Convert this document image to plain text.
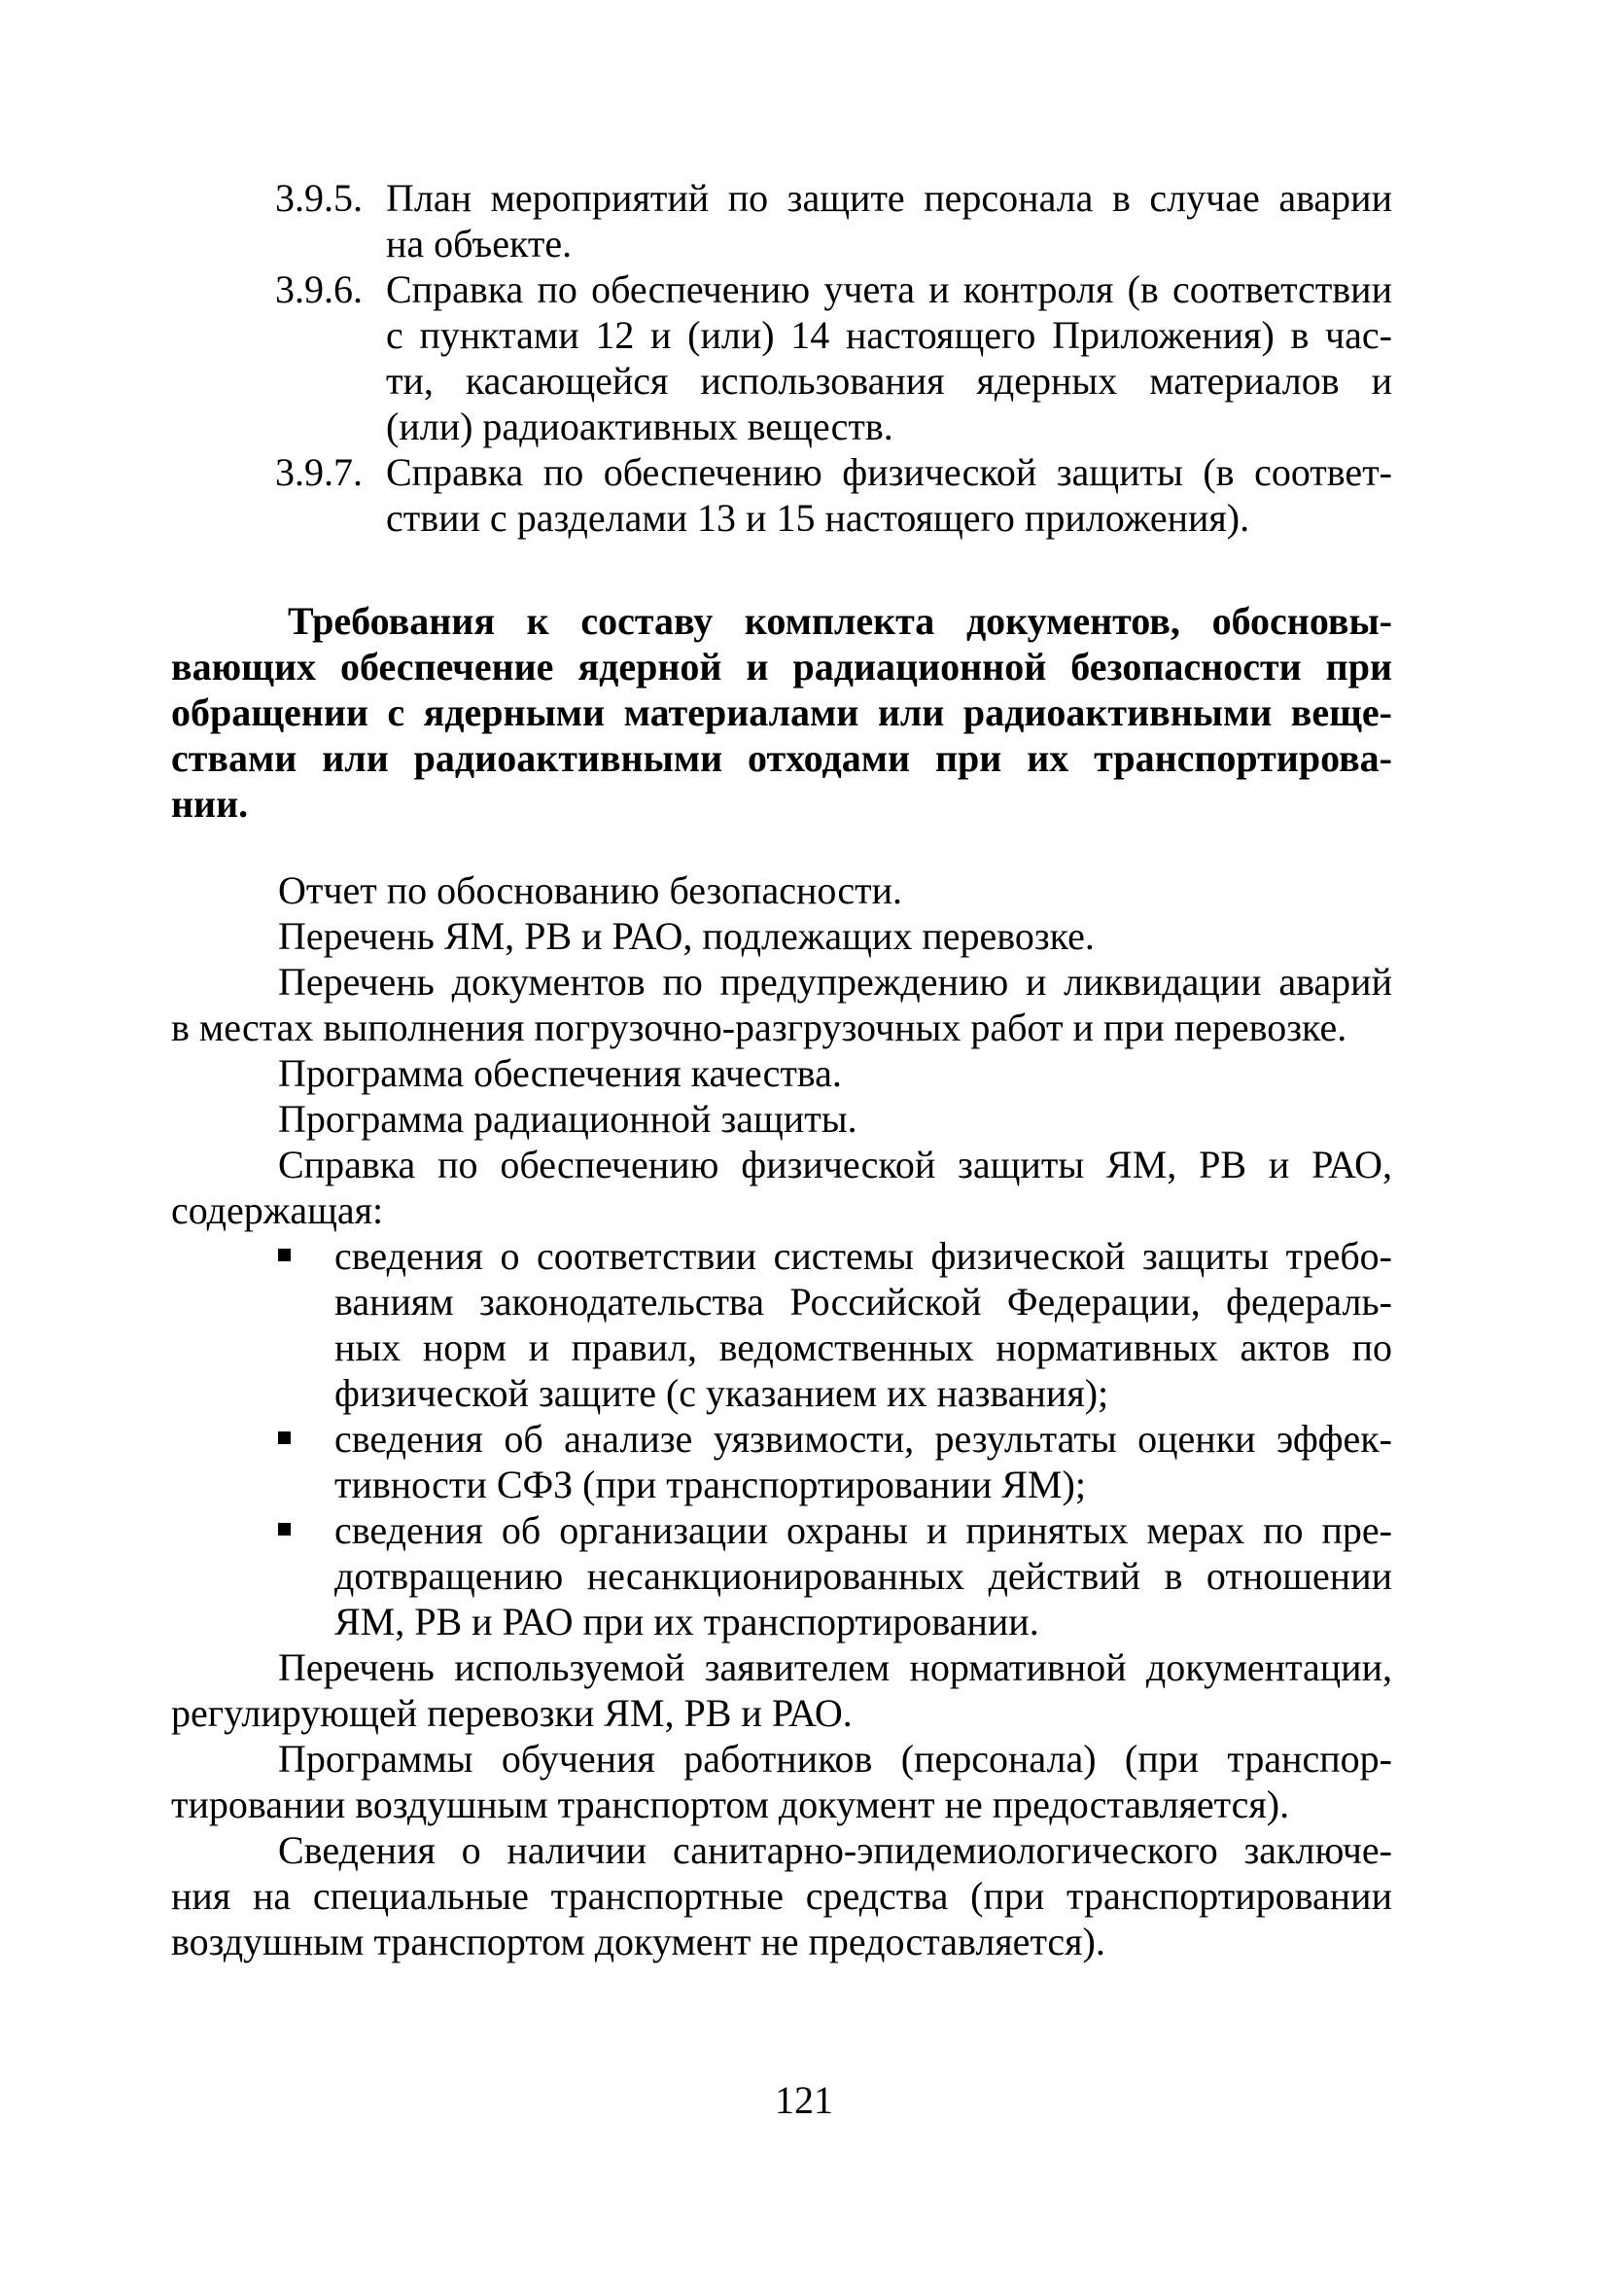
3.9.5. План мероприятий по защите персонала в случае аварии
на объекте.
3.9.6. Справка по обеспечению учета и контроля (в соответствии
с пунктами 12 и (или) 14 настоящего Приложения) в час-
ти, касающейся использования ядерных материалов и
(или) радиоактивных веществ.
3.9.7. Справка по обеспечению физической защиты (в соответ-
ствии с разделами 13 и 15 настоящего приложения).
Требования к составу комплекта документов, обосновы-
вающих обеспечение ядерной и радиационной безопасности при
обращении с ядерными материалами или радиоактивными веще-
ствами или радиоактивными отходами при их транспортирова-
нии.
Отчет по обоснованию безопасности.
Перечень ЯМ, РВ и РАО, подлежащих перевозке.
Перечень документов по предупреждению и ликвидации аварий
в местах выполнения погрузочно-разгрузочных работ и при перевозке.
Программа обеспечения качества.
Программа радиационной защиты.
Справка по обеспечению физической защиты ЯМ, РВ и РАО,
содержащая:
сведения о соответствии системы физической защиты требо-
ваниям законодательства Российской Федерации, федераль-
ных норм и правил, ведомственных нормативных актов по
физической защите (с указанием их названия);
сведения об анализе уязвимости, результаты оценки эффек-
тивности СФЗ (при транспортировании ЯМ);
сведения об организации охраны и принятых мерах по пре-
дотвращению несанкционированных действий в отношении
ЯМ, РВ и РАО при их транспортировании.
Перечень используемой заявителем нормативной документации,
регулирующей перевозки ЯМ, РВ и РАО.
Программы обучения работников (персонала) (при транспор-
тировании воздушным транспортом документ не предоставляется).
Сведения о наличии санитарно-эпидемиологического заключе-
ния на специальные транспортные средства (при транспортировании
воздушным транспортом документ не предоставляется).
121
